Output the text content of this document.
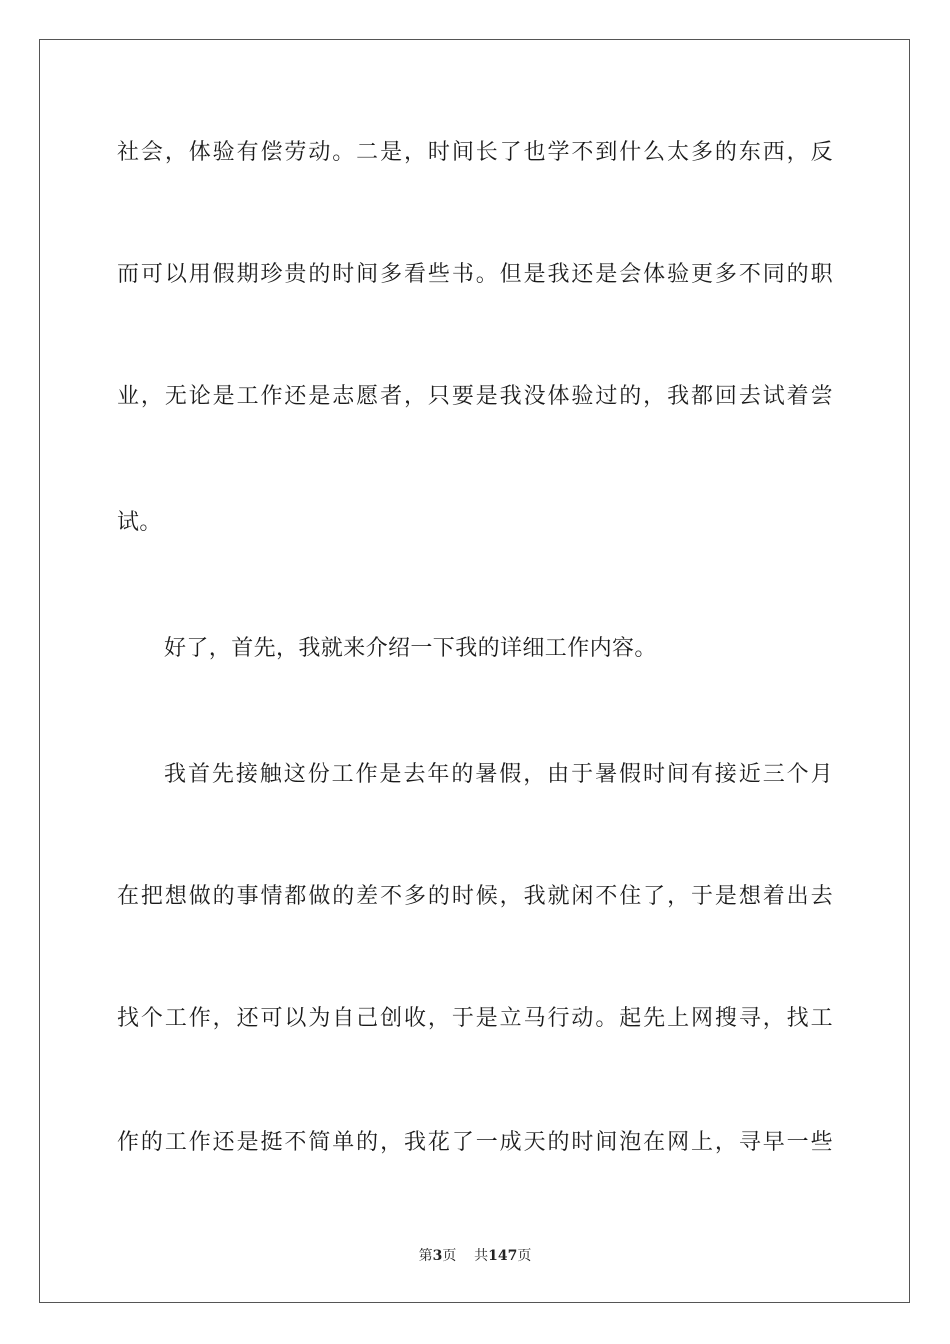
社会，体验有偿劳动。二是，时间长了也学不到什么太多的东西，反
而可以用假期珍贵的时间多看些书。但是我还是会体验更多不同的职
业，无论是工作还是志愿者，只要是我没体验过的，我都回去试着尝
试。
好了，首先，我就来介绍一下我的详细工作内容。
我首先接触这份工作是去年的暑假，由于暑假时间有接近三个月
在把想做的事情都做的差不多的时候，我就闲不住了，于是想着出去
找个工作，还可以为自己创收，于是立马行动。起先上网搜寻，找工
作的工作还是挺不简单的，我花了一成天的时间泡在网上，寻早一些
第3页 共147页
